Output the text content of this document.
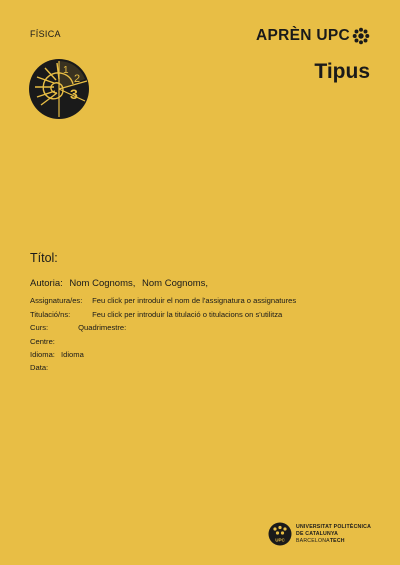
FÍSICA	APRÈN UPC
Tipus
1
2
3
Títol:
Autoria: Nom Cognoms, Nom Cognoms,
Assignatura/es: Feu click per introduir el nom de l'assignatura o assignatures
Titulació/ns:	Feu click per introduir la titulació o titulacions on s'utilitza
Curs:	Quadrimestre:
Centre:
Idioma: Idioma
Data:
UPC
UNIVERSITAT POLITÈCNICA
DE CATALUNYA
BARCELONATECH
